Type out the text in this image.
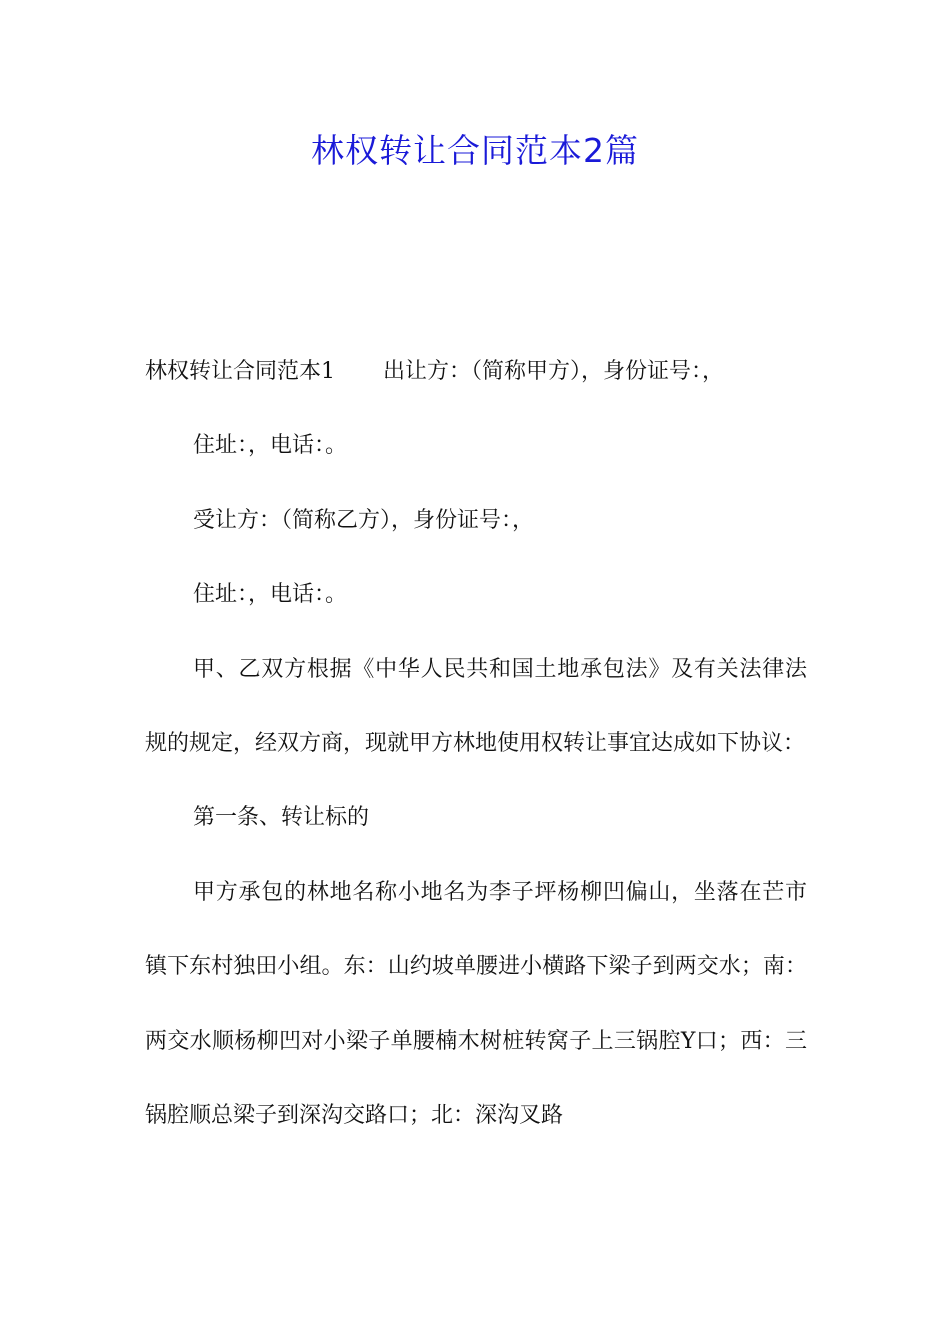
林权转让合同范本2篇

林权转让合同范本1 出让方：（简称甲方），身份证号：，

住址：，电话：。

受让方：（简称乙方），身份证号：，

住址：，电话：。

甲、乙双方根据《中华人民共和国土地承包法》及有关法律法规的规定，经双方商，现就甲方林地使用权转让事宜达成如下协议：

第一条、转让标的

甲方承包的林地名称小地名为李子坪杨柳凹偏山，坐落在芒市镇下东村独田小组。东：山约坡单腰进小横路下梁子到两交水；南：两交水顺杨柳凹对小梁子单腰楠木树桩转窝子上三锅腔Y口；西：三锅腔顺总梁子到深沟交路口；北：深沟叉路
